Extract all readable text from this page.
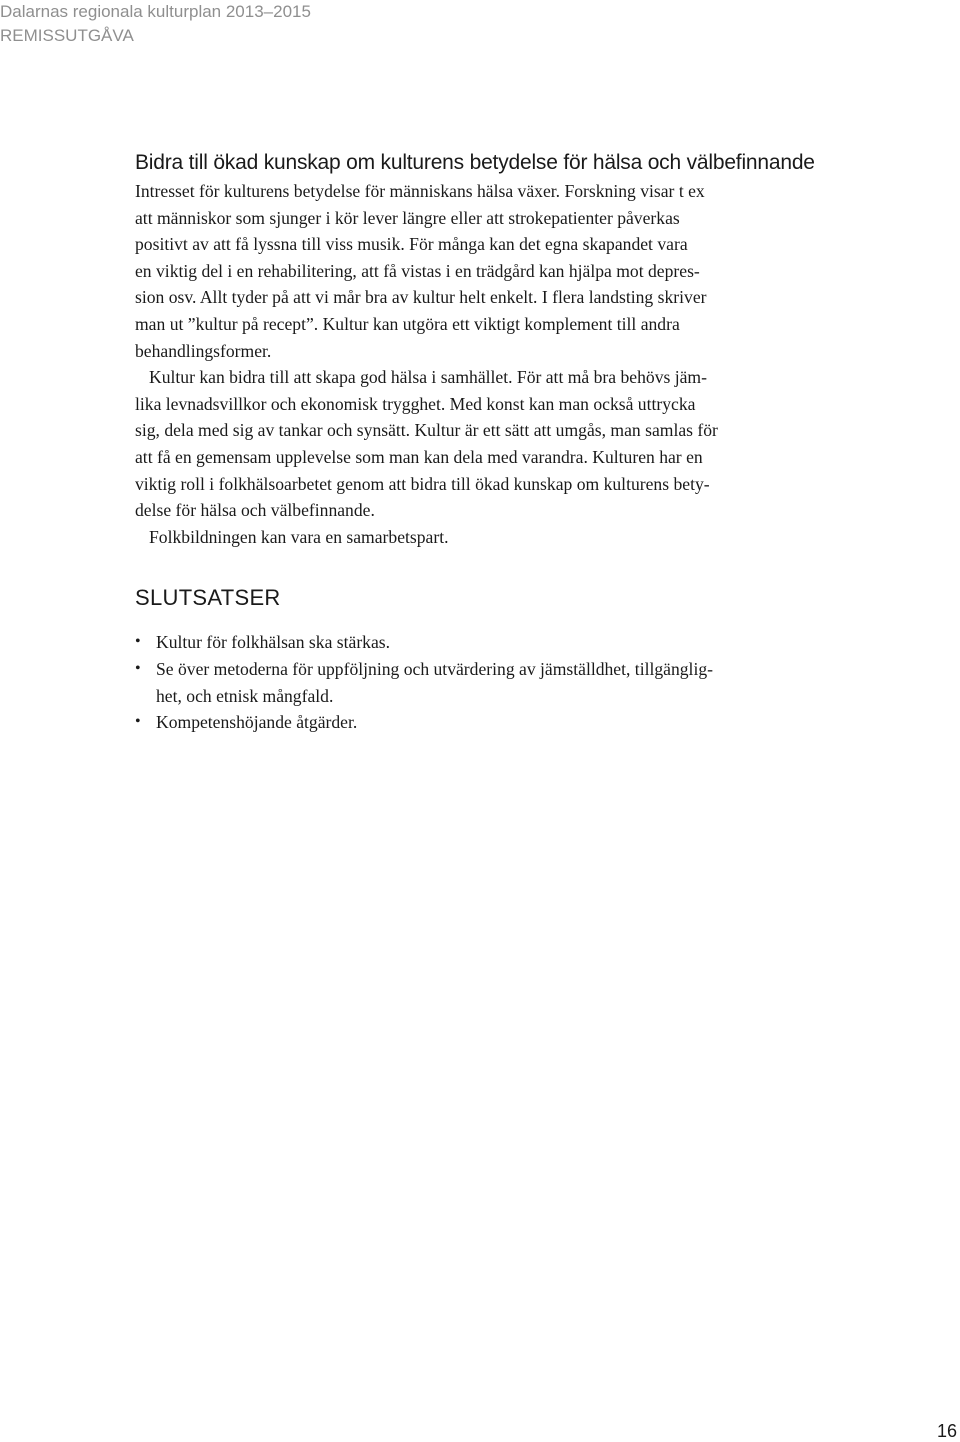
Dalarnas regionala kulturplan 2013–2015
REMISSUTGÅVA
Bidra till ökad kunskap om kulturens betydelse för hälsa och välbefinnande

Intresset för kulturens betydelse för människans hälsa växer. Forskning visar t ex
att människor som sjunger i kör lever längre eller att strokepatienter påverkas
positivt av att få lyssna till viss musik. För många kan det egna skapandet vara
en viktig del i en rehabilitering, att få vistas i en trädgård kan hjälpa mot depres-
sion osv. Allt tyder på att vi mår bra av kultur helt enkelt. I flera landsting skriver
man ut ”kultur på recept”. Kultur kan utgöra ett viktigt komplement till andra
behandlingsformer.

Kultur kan bidra till att skapa god hälsa i samhället. För att må bra behövs jäm-
lika levnadsvillkor och ekonomisk trygghet. Med konst kan man också uttrycka
sig, dela med sig av tankar och synsätt. Kultur är ett sätt att umgås, man samlas för
att få en gemensam upplevelse som man kan dela med varandra. Kulturen har en
viktig roll i folkhälsoarbetet genom att bidra till ökad kunskap om kulturens bety-
delse för hälsa och välbefinnande.

Folkbildningen kan vara en samarbetspart.

SLUTSATSER
• Kultur för folkhälsan ska stärkas.
• Se över metoderna för uppföljning och utvärdering av jämställdhet, tillgänglig-
het, och etnisk mångfald.
• Kompetenshöjande åtgärder.
16
